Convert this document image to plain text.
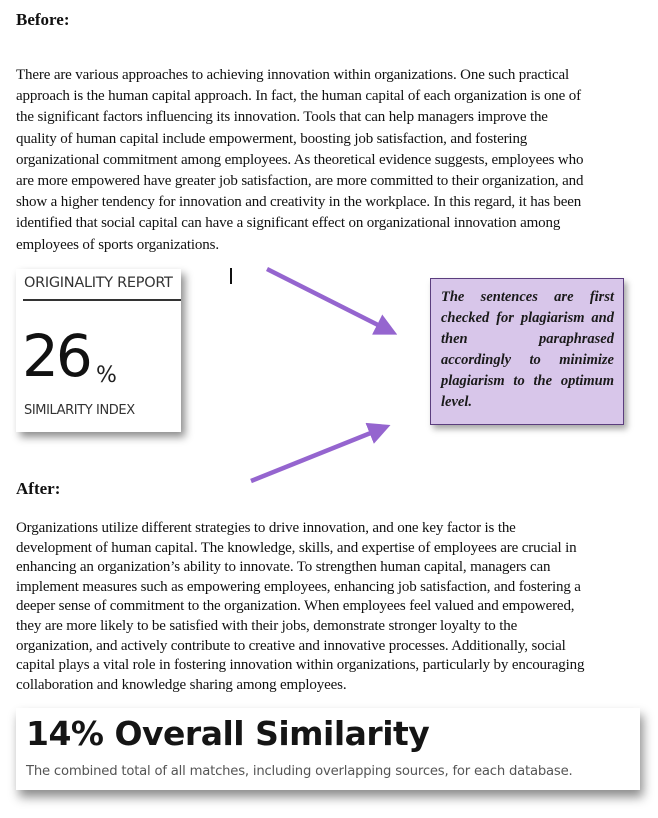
Before:
There are various approaches to achieving innovation within organizations. One such practical
approach is the human capital approach. In fact, the human capital of each organization is one of
the significant factors influencing its innovation. Tools that can help managers improve the
quality of human capital include empowerment, boosting job satisfaction, and fostering
organizational commitment among employees. As theoretical evidence suggests, employees who
are more empowered have greater job satisfaction, are more committed to their organization, and
show a higher tendency for innovation and creativity in the workplace. In this regard, it has been
identified that social capital can have a significant effect on organizational innovation among
employees of sports organizations.
ORIGINALITY REPORT
26 %
SIMILARITY INDEX

The sentences are first checked for plagiarism and then paraphrased accordingly to minimize plagiarism to the optimum level.

After:
Organizations utilize different strategies to drive innovation, and one key factor is the
development of human capital. The knowledge, skills, and expertise of employees are crucial in
enhancing an organization’s ability to innovate. To strengthen human capital, managers can
implement measures such as empowering employees, enhancing job satisfaction, and fostering a
deeper sense of commitment to the organization. When employees feel valued and empowered,
they are more likely to be satisfied with their jobs, demonstrate stronger loyalty to the
organization, and actively contribute to creative and innovative processes. Additionally, social
capital plays a vital role in fostering innovation within organizations, particularly by encouraging
collaboration and knowledge sharing among employees.
14% Overall Similarity
The combined total of all matches, including overlapping sources, for each database.
